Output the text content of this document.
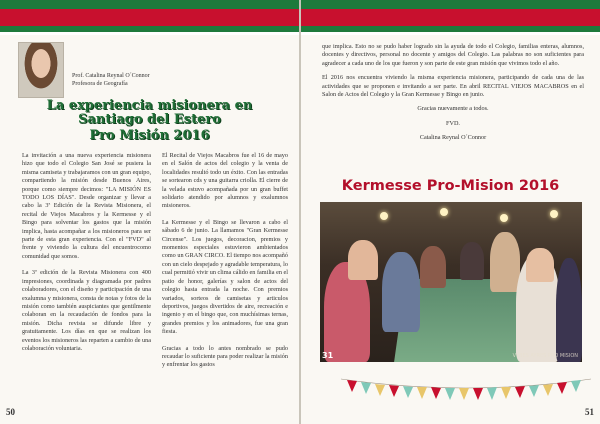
Prof. Catalina Reynal O´Connor
Profesora de Geografía
La experiencia misionera en
Santiago del Estero
Pro Misión 2016

La invitación a una nueva experiencia misionera hizo que todo el Colegio San José se pusiera la misma camiseta y trabajaramos con un gran equipo, compartiendo la misión desde Buenos Aires, porque como siempre decimos: "LA MISIÓN ES TODO LOS DÍAS". Desde organizar y llevar a cabo la 3ª Edición de la Revista Misionera, el recital de Viejos Macabros y la Kermesse y el Bingo para solventar los gastos que la misión implica, hasta acompañar a los misioneros para ser parte de esta gran experiencia. Con el "FVD" al frente y viviendo la cultura del encuentrocomo comunidad que somos.

La 3ª edición de la Revista Misionera con 400 impresiones, coordinada y diagramada por padres colaboradores, con el diseño y participación de una exalumna y misionera, consta de notas y fotos de la misión como también auspiciantes que gentilmente colaboran en la recaudación de fondos para la misión. Dicha revista se difunde libre y gratuitamente. Los días en que se realizan los eventos los misioneros las reparten a cambio de una colaboración voluntaria.

El Recital de Viejos Macabros fue el 16 de mayo en el Salón de actos del colegio y la venta de localidades resultó todo un éxito. Con las entradas se sortearon cds y una guitarra criolla. El cierre de la velada estuvo acompañada por un gran buffet solidario atendido por alumnos y exalumnos misioneros.

La Kermesse y el Bingo se llevaron a cabo el sábado 6 de junio. La llamamos "Gran Kermesse Circense". Los juegos, decoracion, premios y momentos especiales estuvieron ambientados como un GRAN CIRCO. El tiempo nos acompañó con un cielo despejado y agradable temperatura, lo cual permitió vivir un clima cálido en familia en el patio de honor, galerías y salon de actos del colegio hasta entrada la noche. Con premios variados, sorteos de camisetas y articulos deportivos, juegos divertidos de aire, recreación e ingenio y en el bingo que, con muchísimas ternas, grandes premios y los animadores, fue una gran fiesta.

Gracias a todo lo antes nombrado se pudo recaudar lo suficiente para poder realizar la misión y enfrentar los gastos

50

que implica. Esto no se pudo haber logrado sin la ayuda de todo el Colegio, familias enteras, alumnos, docentes y directivos, personal no docente y amigos del Colegio. Las palabras no son suficientes para agradecer a cada uno de los que fueron y son parte de este gran misión que vivimos todo el año.

El 2016 nos encuentra viviendo la misma experiencia misionera, participando de cada una de las actividades que se proponen e invitando a ser parte. En abril RECITAL VIEJOS MACABROS en el Salon de Actos del Colegio y la Gran Kermesse y Bingo en junio.

Gracias nuevamente a todos.

FVD.

Catalina Reynal O´Connor

Kermesse Pro-Mision 2016
31	VYBES AYRES PRO MISION
51
